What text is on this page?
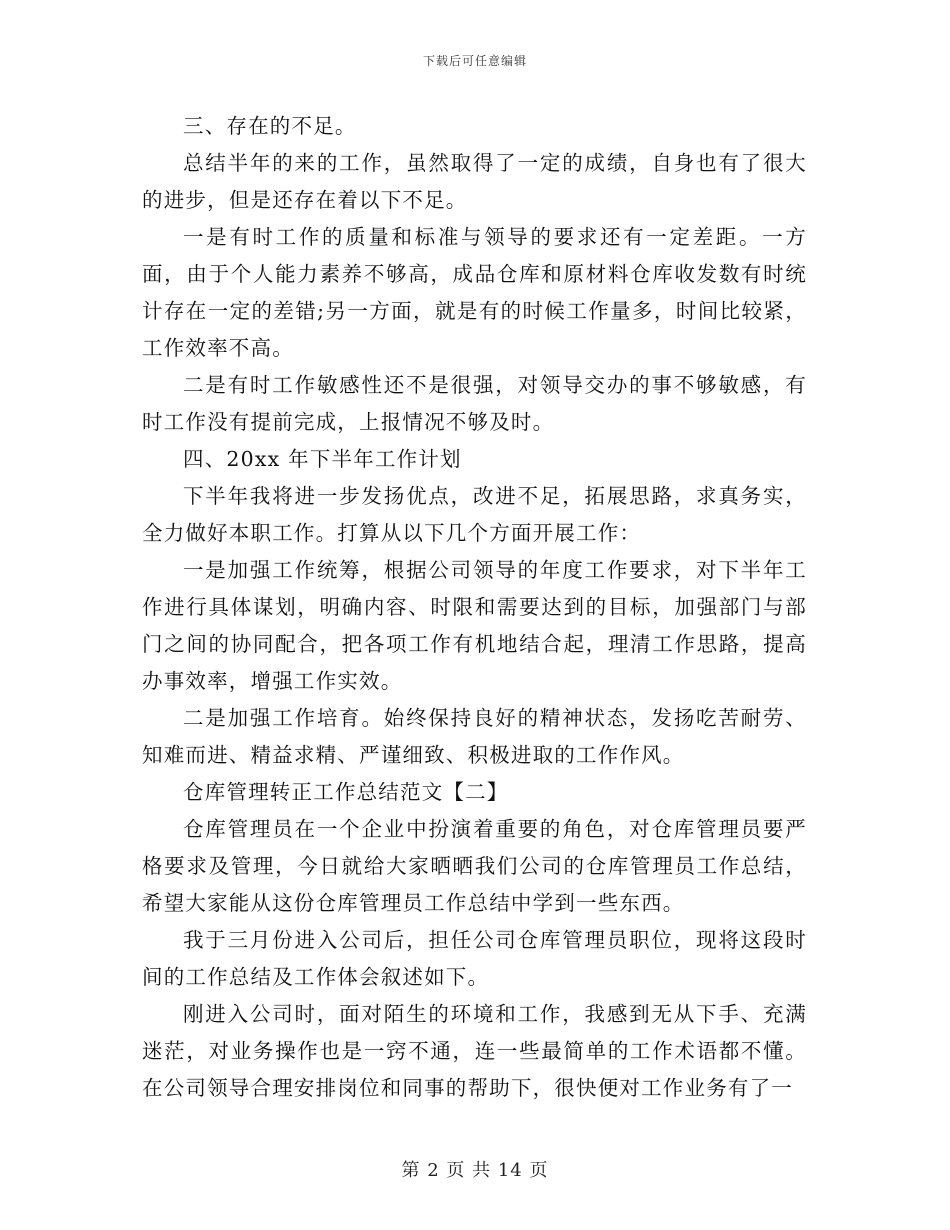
下载后可任意编辑

三、存在的不足。

总结半年的来的工作，虽然取得了一定的成绩，自身也有了很大的进步，但是还存在着以下不足。

一是有时工作的质量和标准与领导的要求还有一定差距。一方面，由于个人能力素养不够高，成品仓库和原材料仓库收发数有时统计存在一定的差错;另一方面，就是有的时候工作量多，时间比较紧，工作效率不高。

二是有时工作敏感性还不是很强，对领导交办的事不够敏感，有时工作没有提前完成，上报情况不够及时。

四、20xx 年下半年工作计划

下半年我将进一步发扬优点，改进不足，拓展思路，求真务实，全力做好本职工作。打算从以下几个方面开展工作：

一是加强工作统筹，根据公司领导的年度工作要求，对下半年工作进行具体谋划，明确内容、时限和需要达到的目标，加强部门与部门之间的协同配合，把各项工作有机地结合起，理清工作思路，提高办事效率，增强工作实效。

二是加强工作培育。始终保持良好的精神状态，发扬吃苦耐劳、知难而进、精益求精、严谨细致、积极进取的工作作风。

仓库管理转正工作总结范文【二】

仓库管理员在一个企业中扮演着重要的角色，对仓库管理员要严格要求及管理，今日就给大家晒晒我们公司的仓库管理员工作总结，希望大家能从这份仓库管理员工作总结中学到一些东西。

我于三月份进入公司后，担任公司仓库管理员职位，现将这段时间的工作总结及工作体会叙述如下。

刚进入公司时，面对陌生的环境和工作，我感到无从下手、充满迷茫，对业务操作也是一窍不通，连一些最简单的工作术语都不懂。在公司领导合理安排岗位和同事的帮助下，很快便对工作业务有了一

第 2 页 共 14 页
